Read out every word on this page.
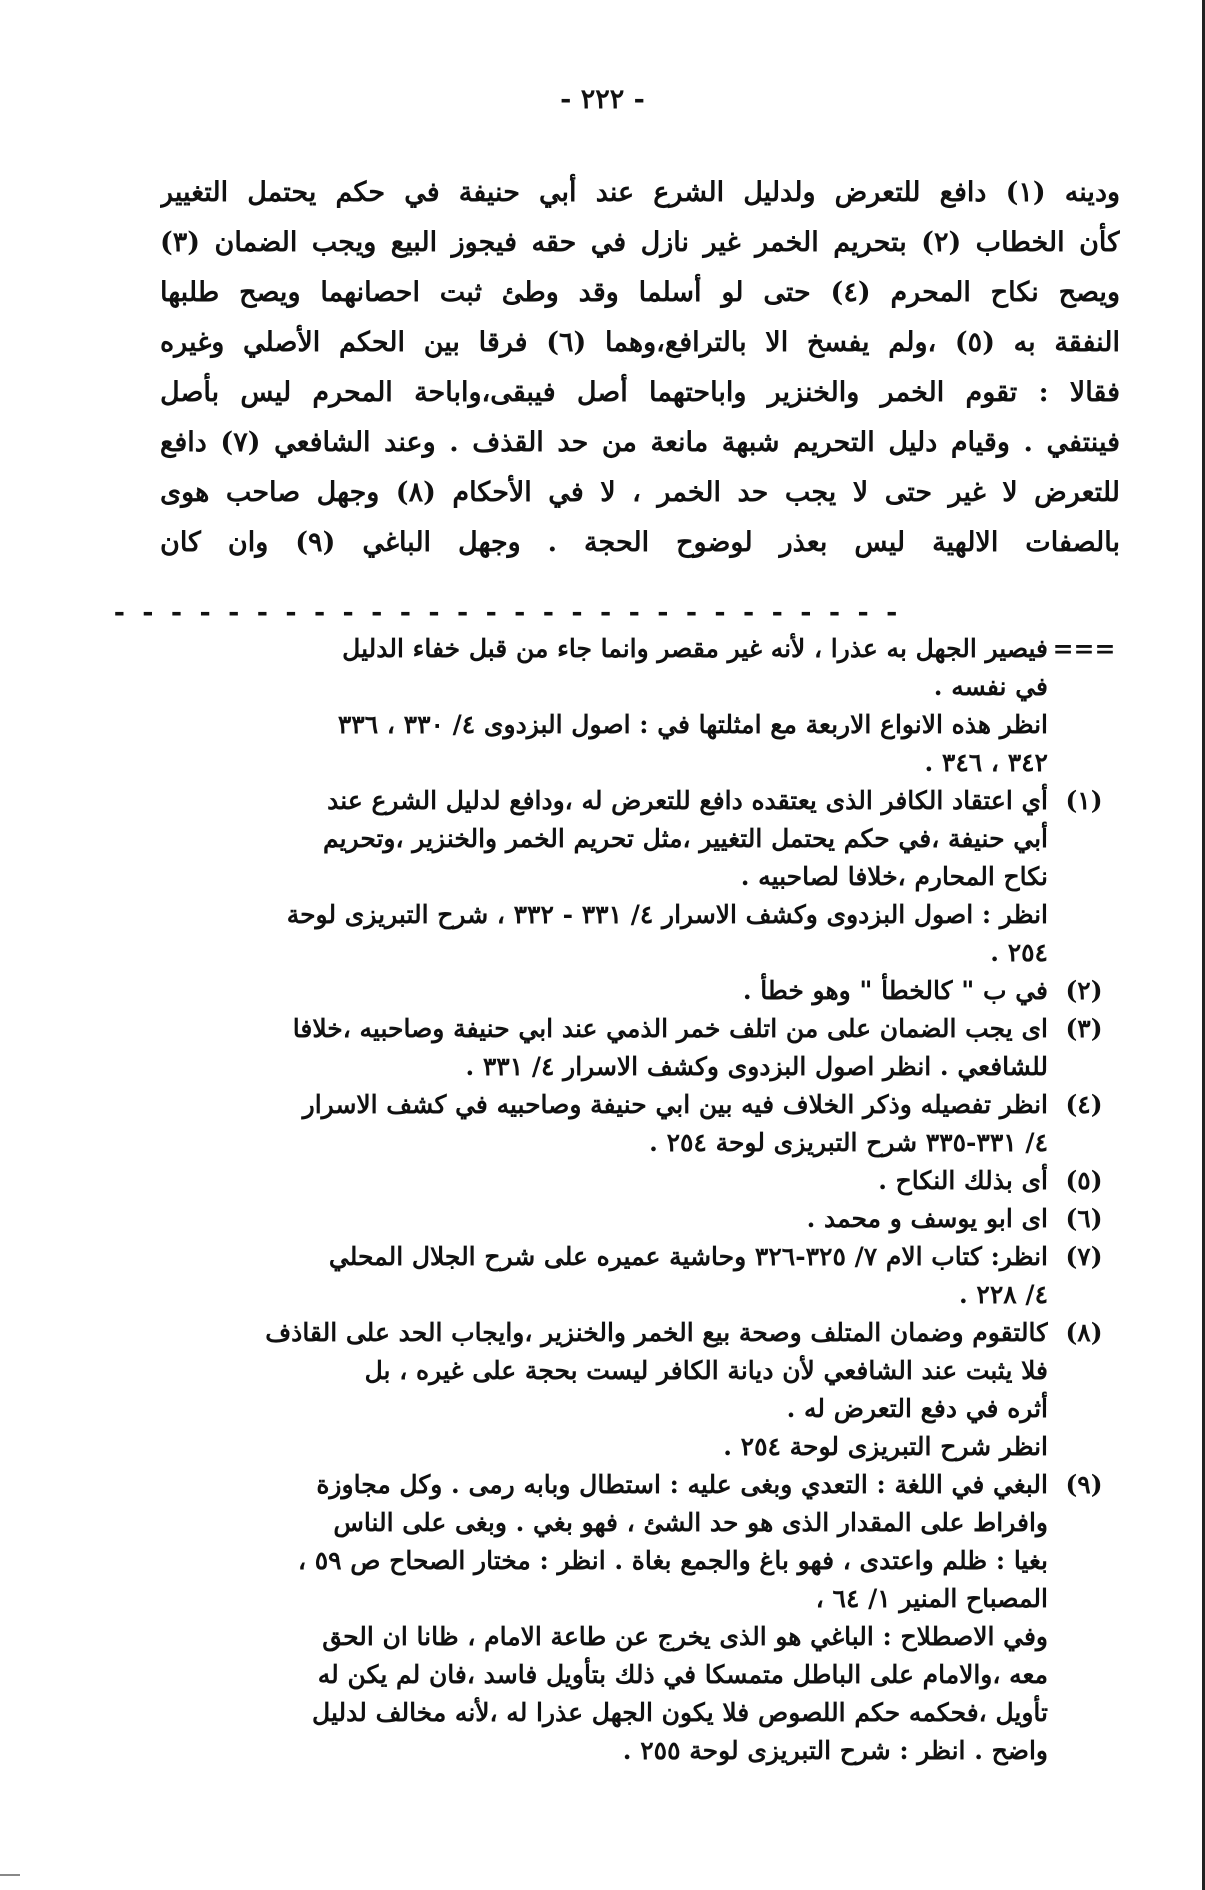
- ٢٢٢ -
ودينه (١) دافع للتعرض ولدليل الشرع عند أبي حنيفة في حكم يحتمل التغيير
كأن الخطاب (٢) بتحريم الخمر غير نازل في حقه فيجوز البيع ويجب الضمان (٣)
ويصح نكاح المحرم (٤) حتى لو أسلما وقد وطئ ثبت احصانهما ويصح طلبها
النفقة به (٥) ،ولم يفسخ الا بالترافع،وهما (٦) فرقا بين الحكم الأصلي وغيره
فقالا : تقوم الخمر والخنزير واباحتهما أصل فيبقى،واباحة المحرم ليس بأصل
فينتفي . وقيام دليل التحريم شبهة مانعة من حد القذف . وعند الشافعي (٧) دافع
للتعرض لا غير حتى لا يجب حد الخمر ، لا في الأحكام (٨) وجهل صاحب هوى
بالصفات الالهية ليس بعذر لوضوح الحجة . وجهل الباغي (٩) وان كان
- - - - - - - - - - - - - - - - - - - - - - - - - - - -
===
فيصير الجهل به عذرا ، لأنه غير مقصر وانما جاء من قبل خفاء الدليل
في نفسه .
انظر هذه الانواع الاربعة مع امثلتها في : اصول البزدوى ٤/ ٣٣٠ ، ٣٣٦
٣٤٢ ، ٣٤٦ .
(١)
أي اعتقاد الكافر الذى يعتقده دافع للتعرض له ،ودافع لدليل الشرع عند
أبي حنيفة ،في حكم يحتمل التغيير ،مثل تحريم الخمر والخنزير ،وتحريم
نكاح المحارم ،خلافا لصاحبيه .
انظر : اصول البزدوى وكشف الاسرار ٤/ ٣٣١ - ٣٣٢ ، شرح التبريزى لوحة
٢٥٤ .
(٢)
في ب " كالخطأ " وهو خطأ .
(٣)
اى يجب الضمان على من اتلف خمر الذمي عند ابي حنيفة وصاحبيه ،خلافا
للشافعي . انظر اصول البزدوى وكشف الاسرار ٤/ ٣٣١ .
(٤)
انظر تفصيله وذكر الخلاف فيه بين ابي حنيفة وصاحبيه في كشف الاسرار
٤/ ٣٣١-٣٣٥ شرح التبريزى لوحة ٢٥٤ .
(٥)
أى بذلك النكاح .
(٦)
اى ابو يوسف و محمد .
(٧)
انظر: كتاب الام ٧/ ٣٢٥-٣٢٦ وحاشية عميره على شرح الجلال المحلي
٤/ ٢٢٨ .
(٨)
كالتقوم وضمان المتلف وصحة بيع الخمر والخنزير ،وايجاب الحد على القاذف
فلا يثبت عند الشافعي لأن ديانة الكافر ليست بحجة على غيره ، بل
أثره في دفع التعرض له .
انظر شرح التبريزى لوحة ٢٥٤ .
(٩)
البغي في اللغة : التعدي وبغى عليه : استطال وبابه رمى . وكل مجاوزة
وافراط على المقدار الذى هو حد الشئ ، فهو بغي . وبغى على الناس
بغيا : ظلم واعتدى ، فهو باغ والجمع بغاة . انظر : مختار الصحاح ص ٥٩ ،
المصباح المنير ١/ ٦٤ ،
وفي الاصطلاح : الباغي هو الذى يخرج عن طاعة الامام ، ظانا ان الحق
معه ،والامام على الباطل متمسكا في ذلك بتأويل فاسد ،فان لم يكن له
تأويل ،فحكمه حكم اللصوص فلا يكون الجهل عذرا له ،لأنه مخالف لدليل
واضح . انظر : شرح التبريزى لوحة ٢٥٥ .
